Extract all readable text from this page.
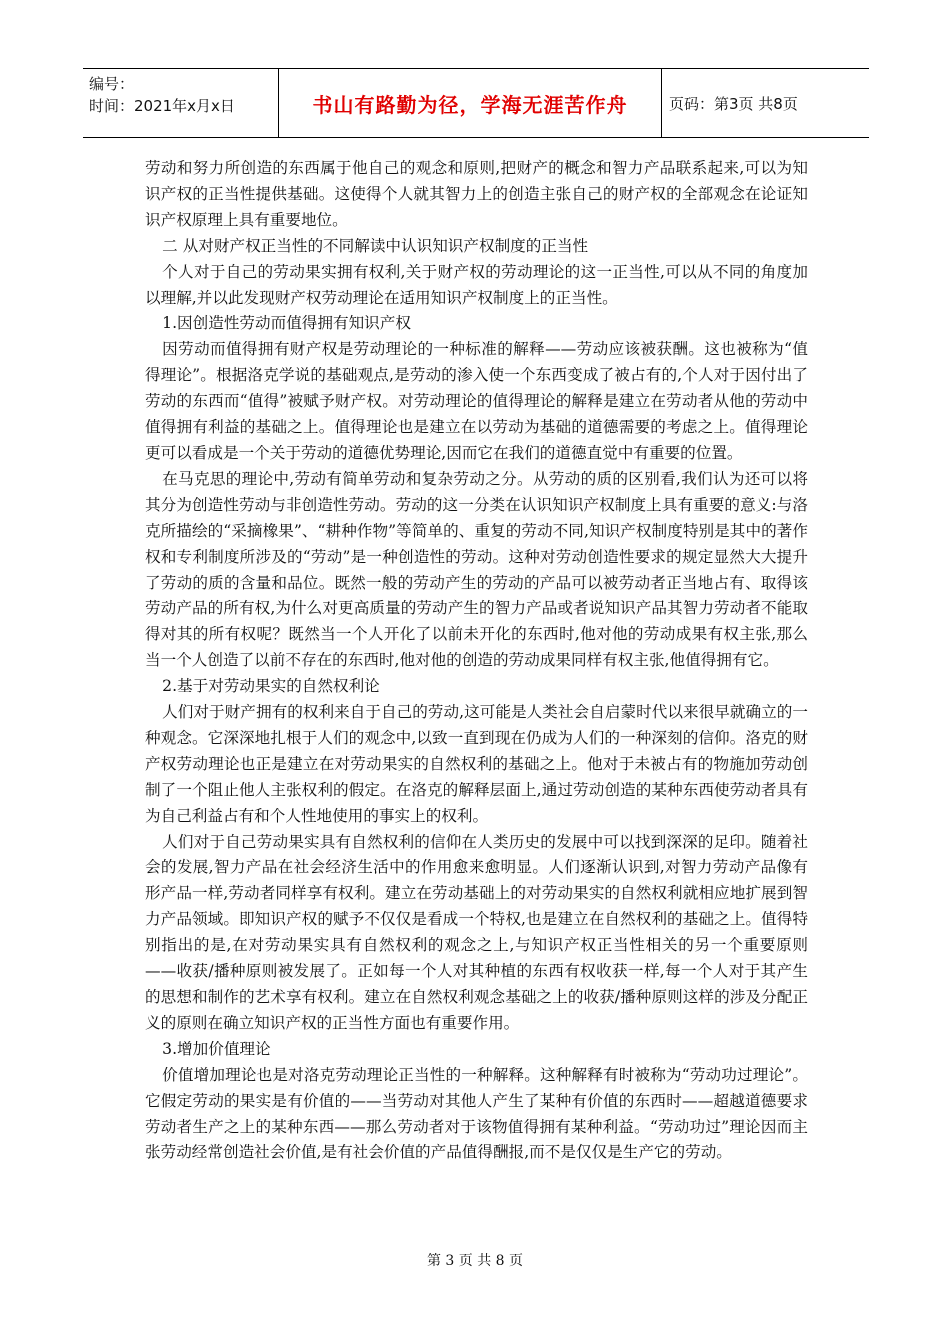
编号：
时间：2021年x月x日	书山有路勤为径，学海无涯苦作舟	页码：第3页 共8页

劳动和努力所创造的东西属于他自己的观念和原则,把财产的概念和智力产品联系起来,可以为知识产权的正当性提供基础。这使得个人就其智力上的创造主张自己的财产权的全部观念在论证知识产权原理上具有重要地位。

二 从对财产权正当性的不同解读中认识知识产权制度的正当性

个人对于自己的劳动果实拥有权利,关于财产权的劳动理论的这一正当性,可以从不同的角度加以理解,并以此发现财产权劳动理论在适用知识产权制度上的正当性。

1.因创造性劳动而值得拥有知识产权

因劳动而值得拥有财产权是劳动理论的一种标准的解释——劳动应该被获酬。这也被称为“值得理论”。根据洛克学说的基础观点,是劳动的渗入使一个东西变成了被占有的,个人对于因付出了劳动的东西而“值得”被赋予财产权。对劳动理论的值得理论的解释是建立在劳动者从他的劳动中值得拥有利益的基础之上。值得理论也是建立在以劳动为基础的道德需要的考虑之上。值得理论更可以看成是一个关于劳动的道德优势理论,因而它在我们的道德直觉中有重要的位置。

在马克思的理论中,劳动有简单劳动和复杂劳动之分。从劳动的质的区别看,我们认为还可以将其分为创造性劳动与非创造性劳动。劳动的这一分类在认识知识产权制度上具有重要的意义:与洛克所描绘的“采摘橡果”、“耕种作物”等简单的、重复的劳动不同,知识产权制度特别是其中的著作权和专利制度所涉及的“劳动”是一种创造性的劳动。这种对劳动创造性要求的规定显然大大提升了劳动的质的含量和品位。既然一般的劳动产生的劳动的产品可以被劳动者正当地占有、取得该劳动产品的所有权,为什么对更高质量的劳动产生的智力产品或者说知识产品其智力劳动者不能取得对其的所有权呢？既然当一个人开化了以前未开化的东西时,他对他的劳动成果有权主张,那么当一个人创造了以前不存在的东西时,他对他的创造的劳动成果同样有权主张,他值得拥有它。

2.基于对劳动果实的自然权利论

人们对于财产拥有的权利来自于自己的劳动,这可能是人类社会自启蒙时代以来很早就确立的一种观念。它深深地扎根于人们的观念中,以致一直到现在仍成为人们的一种深刻的信仰。洛克的财产权劳动理论也正是建立在对劳动果实的自然权利的基础之上。他对于未被占有的物施加劳动创制了一个阻止他人主张权利的假定。在洛克的解释层面上,通过劳动创造的某种东西使劳动者具有为自己利益占有和个人性地使用的事实上的权利。

人们对于自己劳动果实具有自然权利的信仰在人类历史的发展中可以找到深深的足印。随着社会的发展,智力产品在社会经济生活中的作用愈来愈明显。人们逐渐认识到,对智力劳动产品像有形产品一样,劳动者同样享有权利。建立在劳动基础上的对劳动果实的自然权利就相应地扩展到智力产品领域。即知识产权的赋予不仅仅是看成一个特权,也是建立在自然权利的基础之上。值得特别指出的是,在对劳动果实具有自然权利的观念之上,与知识产权正当性相关的另一个重要原则——收获/播种原则被发展了。正如每一个人对其种植的东西有权收获一样,每一个人对于其产生的思想和制作的艺术享有权利。建立在自然权利观念基础之上的收获/播种原则这样的涉及分配正义的原则在确立知识产权的正当性方面也有重要作用。

3.增加价值理论

价值增加理论也是对洛克劳动理论正当性的一种解释。这种解释有时被称为“劳动功过理论”。它假定劳动的果实是有价值的——当劳动对其他人产生了某种有价值的东西时——超越道德要求劳动者生产之上的某种东西——那么劳动者对于该物值得拥有某种利益。“劳动功过”理论因而主张劳动经常创造社会价值,是有社会价值的产品值得酬报,而不是仅仅是生产它的劳动。

第 3 页 共 8 页
